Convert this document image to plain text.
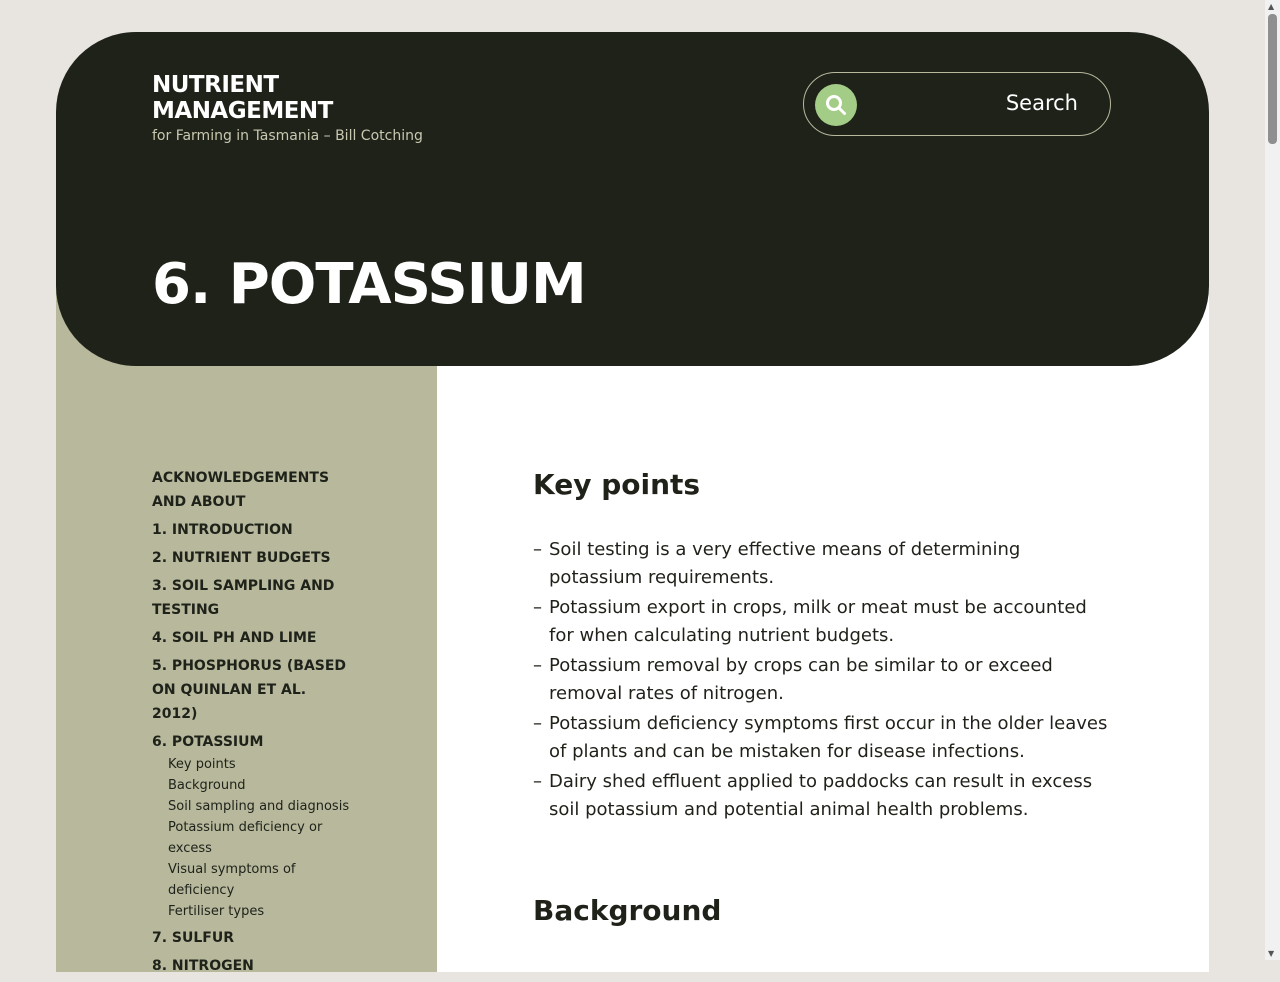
ACKNOWLEDGEMENTS AND ABOUT
1. INTRODUCTION
2. NUTRIENT BUDGETS
3. SOIL SAMPLING AND TESTING
4. SOIL PH AND LIME
5. PHOSPHORUS (BASED ON QUINLAN ET AL. 2012)
6. POTASSIUM
Key points
Background
Soil sampling and diagnosis
Potassium deficiency or excess
Visual symptoms of deficiency
Fertiliser types
7. SULFUR
8. NITROGEN
Key points
– Soil testing is a very effective means of determining potassium requirements.
– Potassium export in crops, milk or meat must be accounted for when calculating nutrient budgets.
– Potassium removal by crops can be similar to or exceed removal rates of nitrogen.
– Potassium deficiency symptoms first occur in the older leaves of plants and can be mistaken for disease infections.
– Dairy shed effluent applied to paddocks can result in excess soil potassium and potential animal health problems.
Background
NUTRIENT
MANAGEMENT
for Farming in Tasmania – Bill Cotching
Search
6. POTASSIUM
▲
▼
